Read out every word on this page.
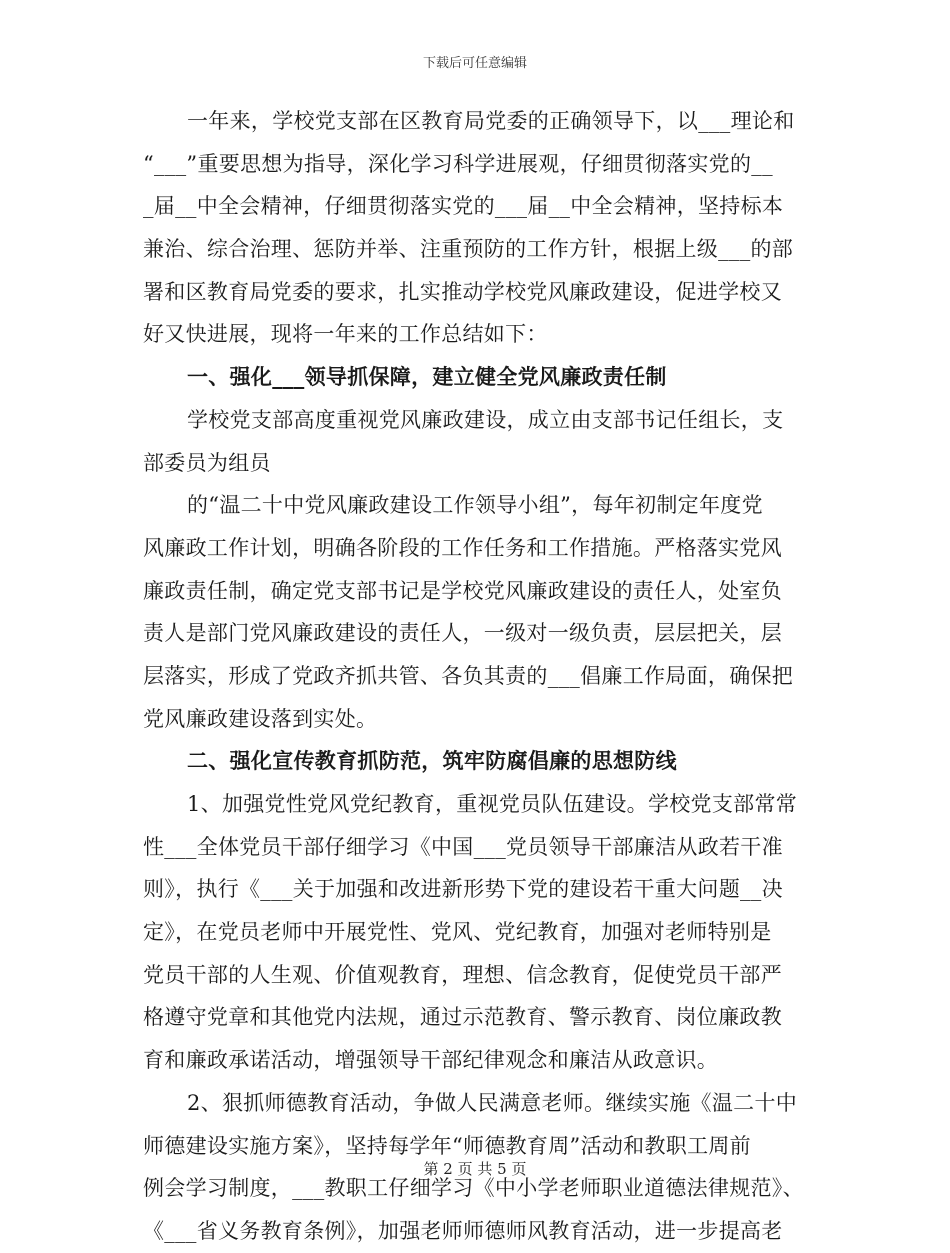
下载后可任意编辑
一年来，学校党支部在区教育局党委的正确领导下，以___理论和
“___”重要思想为指导，深化学习科学进展观，仔细贯彻落实党的__
_届__中全会精神，仔细贯彻落实党的___届__中全会精神，坚持标本
兼治、综合治理、惩防并举、注重预防的工作方针，根据上级___的部
署和区教育局党委的要求，扎实推动学校党风廉政建设，促进学校又
好又快进展，现将一年来的工作总结如下：
一、强化___领导抓保障，建立健全党风廉政责任制
学校党支部高度重视党风廉政建设，成立由支部书记任组长，支
部委员为组员
的“温二十中党风廉政建设工作领导小组”，每年初制定年度党
风廉政工作计划，明确各阶段的工作任务和工作措施。严格落实党风
廉政责任制，确定党支部书记是学校党风廉政建设的责任人，处室负
责人是部门党风廉政建设的责任人，一级对一级负责，层层把关，层
层落实，形成了党政齐抓共管、各负其责的___倡廉工作局面，确保把
党风廉政建设落到实处。
二、强化宣传教育抓防范，筑牢防腐倡廉的思想防线
1、加强党性党风党纪教育，重视党员队伍建设。学校党支部常常
性___全体党员干部仔细学习《中国___党员领导干部廉洁从政若干准
则》，执行《___关于加强和改进新形势下党的建设若干重大问题__决
定》，在党员老师中开展党性、党风、党纪教育，加强对老师特别是
党员干部的人生观、价值观教育，理想、信念教育，促使党员干部严
格遵守党章和其他党内法规，通过示范教育、警示教育、岗位廉政教
育和廉政承诺活动，增强领导干部纪律观念和廉洁从政意识。
2、狠抓师德教育活动，争做人民满意老师。继续实施《温二十中
师德建设实施方案》，坚持每学年“师德教育周”活动和教职工周前
例会学习制度，___教职工仔细学习《中小学老师职业道德法律规范》、
《___省义务教育条例》，加强老师师德师风教育活动，进一步提高老
第 2 页 共 5 页
